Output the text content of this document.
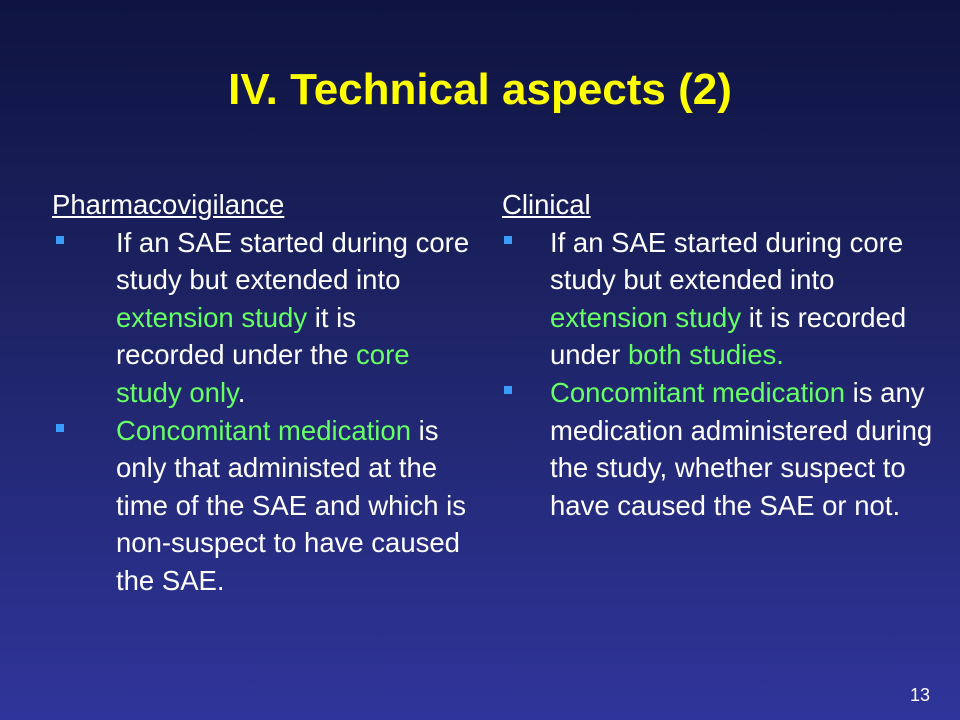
IV. Technical aspects (2)
Pharmacovigilance
If an SAE started during core study but extended into extension study it is recorded under the core study only.
Concomitant medication is only that administed at the time of the SAE and which is non-suspect to have caused the SAE.
Clinical
If an SAE started during core study but extended into extension study it is recorded under both studies.
Concomitant medication is any medication administered during the study, whether suspect to have caused the SAE or not.
13
